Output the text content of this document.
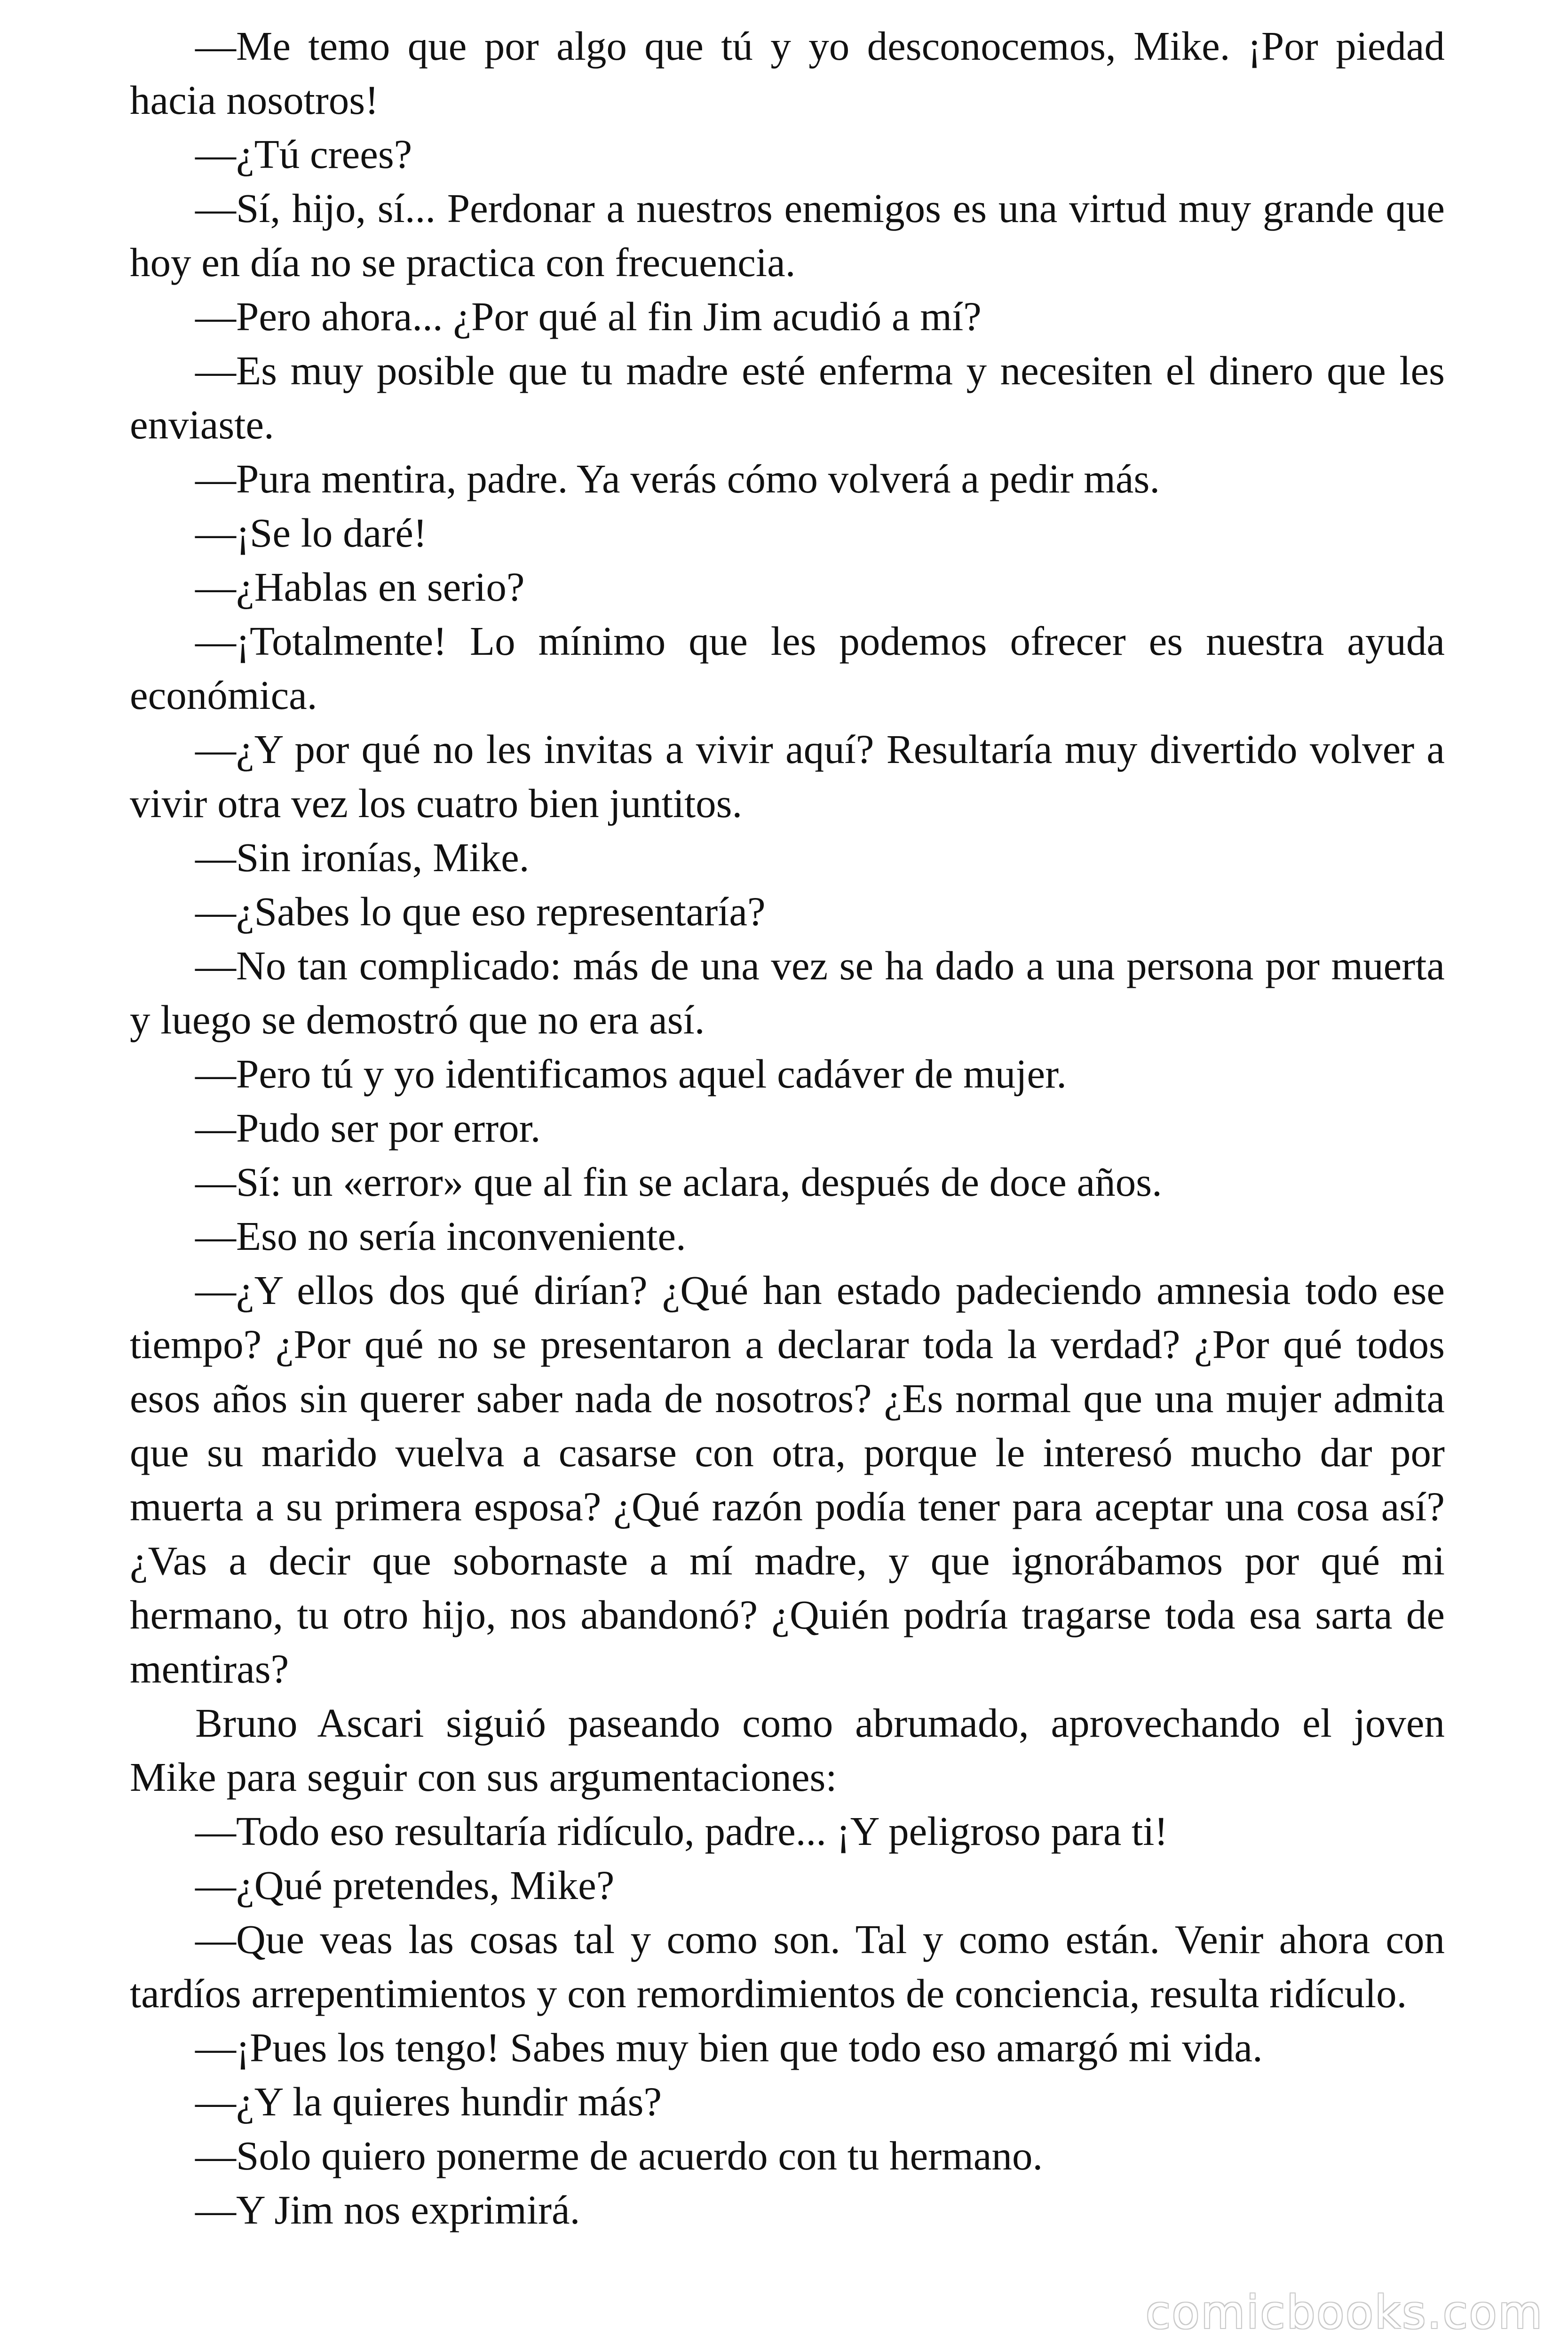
—Me temo que por algo que tú y yo desconocemos, Mike. ¡Por piedad hacia nosotros!

—¿Tú crees?

—Sí, hijo, sí... Perdonar a nuestros enemigos es una virtud muy grande que hoy en día no se practica con frecuencia.

—Pero ahora... ¿Por qué al fin Jim acudió a mí?

—Es muy posible que tu madre esté enferma y necesiten el dinero que les enviaste.

—Pura mentira, padre. Ya verás cómo volverá a pedir más.

—¡Se lo daré!

—¿Hablas en serio?

—¡Totalmente! Lo mínimo que les podemos ofrecer es nuestra ayuda económica.

—¿Y por qué no les invitas a vivir aquí? Resultaría muy divertido volver a vivir otra vez los cuatro bien juntitos.

—Sin ironías, Mike.

—¿Sabes lo que eso representaría?

—No tan complicado: más de una vez se ha dado a una persona por muerta y luego se demostró que no era así.

—Pero tú y yo identificamos aquel cadáver de mujer.

—Pudo ser por error.

—Sí: un «error» que al fin se aclara, después de doce años.

—Eso no sería inconveniente.

—¿Y ellos dos qué dirían? ¿Qué han estado padeciendo amnesia todo ese tiempo? ¿Por qué no se presentaron a declarar toda la verdad? ¿Por qué todos esos años sin querer saber nada de nosotros? ¿Es normal que una mujer admita que su marido vuelva a casarse con otra, porque le interesó mucho dar por muerta a su primera esposa? ¿Qué razón podía tener para aceptar una cosa así? ¿Vas a decir que sobornaste a mí madre, y que ignorábamos por qué mi hermano, tu otro hijo, nos abandonó? ¿Quién podría tragarse toda esa sarta de mentiras?

Bruno Ascari siguió paseando como abrumado, aprovechando el joven Mike para seguir con sus argumentaciones:

—Todo eso resultaría ridículo, padre... ¡Y peligroso para ti!

—¿Qué pretendes, Mike?

—Que veas las cosas tal y como son. Tal y como están. Venir ahora con tardíos arrepentimientos y con remordimientos de conciencia, resulta ridículo.

—¡Pues los tengo! Sabes muy bien que todo eso amargó mi vida.

—¿Y la quieres hundir más?

—Solo quiero ponerme de acuerdo con tu hermano.

—Y Jim nos exprimirá.

comicbooks.com
